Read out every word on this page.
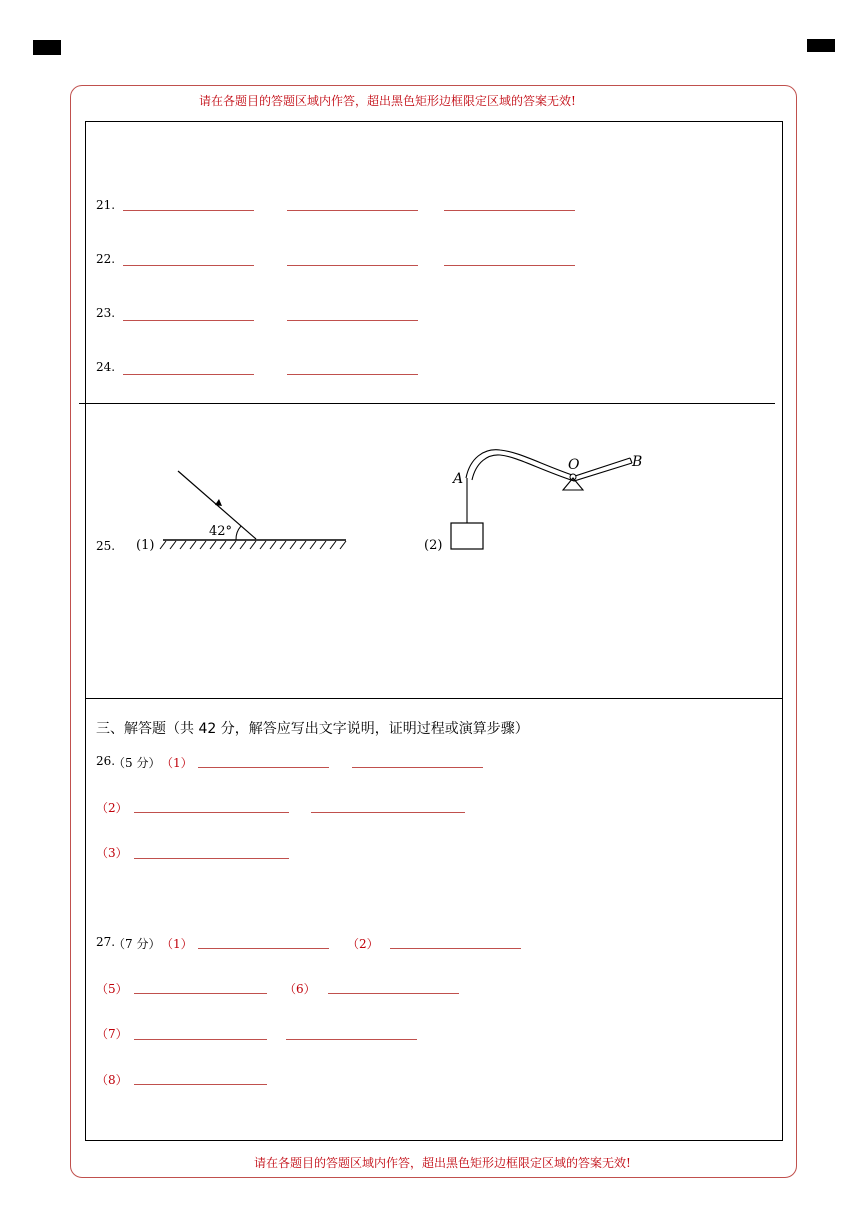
请在各题目的答题区域内作答，超出黑色矩形边框限定区域的答案无效!
请在各题目的答题区域内作答，超出黑色矩形边框限定区域的答案无效!
21.
22.
23.
24.
25. (1)	(2)
42°
A
O	B
三、解答题（共 42 分，解答应写出文字说明，证明过程或演算步骤）
26.
（5 分） （1）
（2）
（3）
27.
（7 分） （1）	（2）
（5）	（6）
（7）
（8）
